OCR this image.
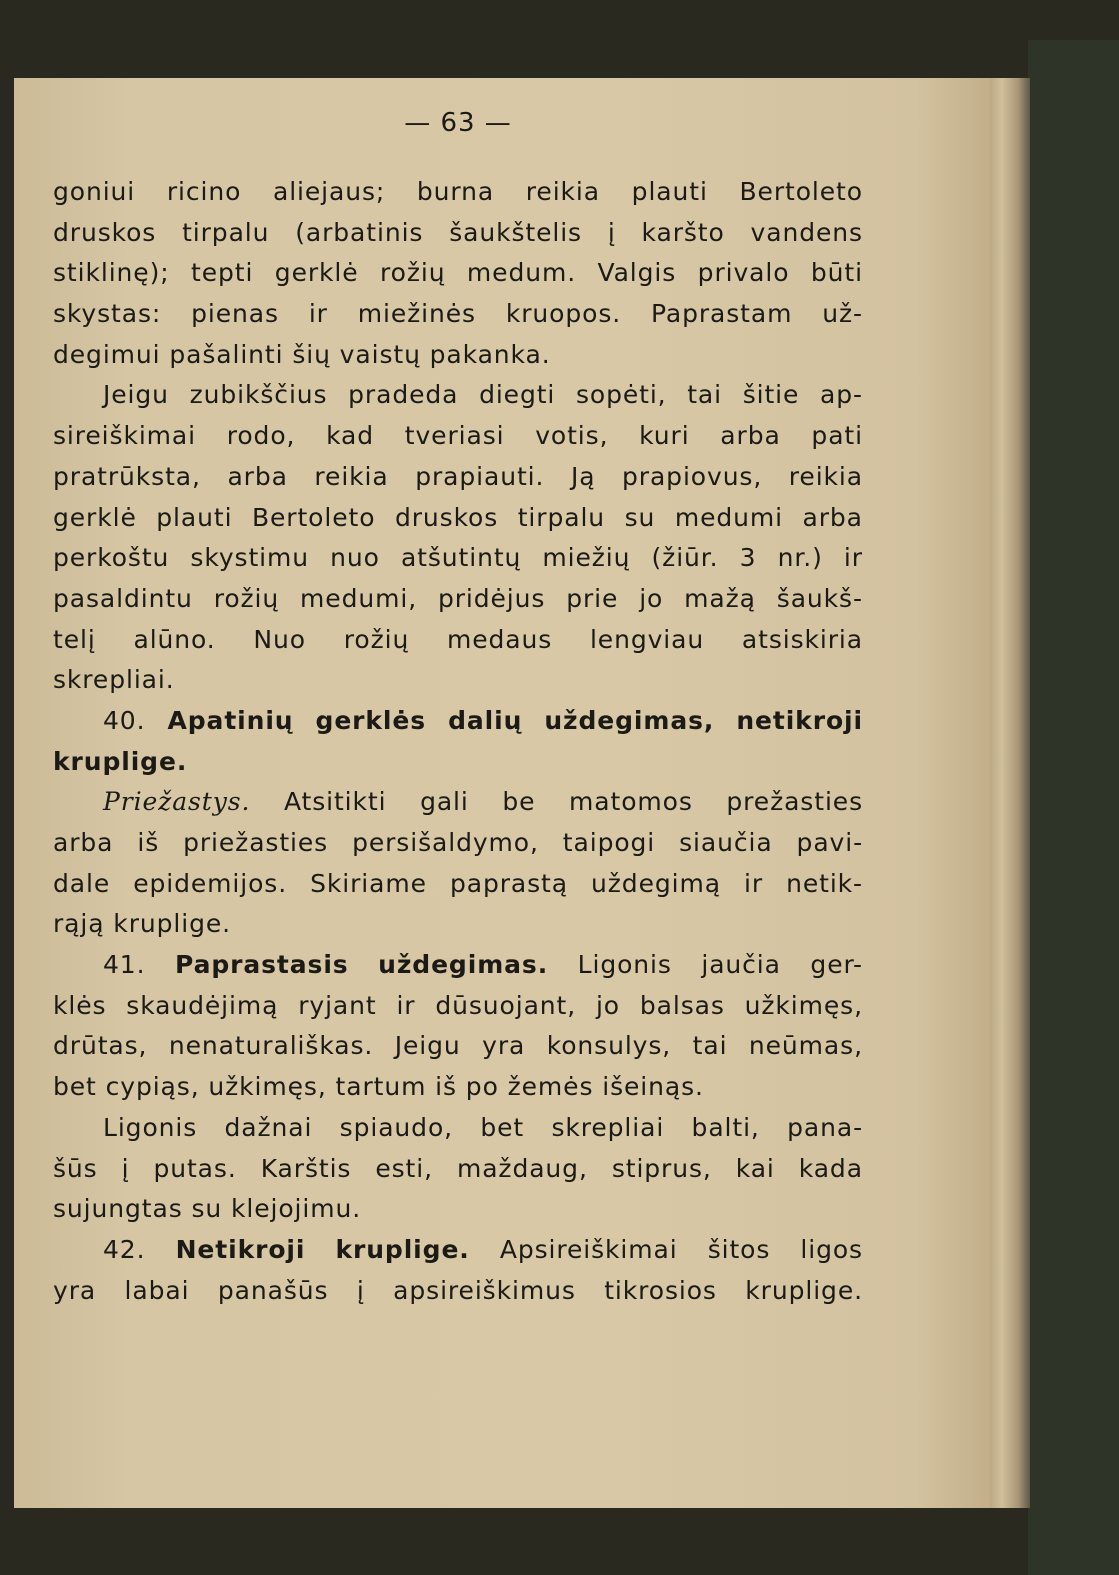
— 63 —
goniui ricino aliejaus; burna reikia plauti Bertoleto
druskos tirpalu (arbatinis šaukštelis į karšto vandens
stiklinę); tepti gerklė rožių medum. Valgis privalo būti
skystas: pienas ir miežinės kruopos. Paprastam už-
degimui pašalinti šių vaistų pakanka.
Jeigu zubikščius pradeda diegti sopėti, tai šitie ap-
sireiškimai rodo, kad tveriasi votis, kuri arba pati
pratrūksta, arba reikia prapiauti. Ją prapiovus, reikia
gerklė plauti Bertoleto druskos tirpalu su medumi arba
perkoštu skystimu nuo atšutintų miežių (žiūr. 3 nr.) ir
pasaldintu rožių medumi, pridėjus prie jo mažą šaukš-
telį alūno. Nuo rožių medaus lengviau atsiskiria
skrepliai.
40. Apatinių gerklės dalių uždegimas, netikroji
kruplige.
Priežastys. Atsitikti gali be matomos prežasties
arba iš priežasties persišaldymo, taipogi siaučia pavi-
dale epidemijos. Skiriame paprastą uždegimą ir netik-
rąją kruplige.
41. Paprastasis uždegimas. Ligonis jaučia ger-
klės skaudėjimą ryjant ir dūsuojant, jo balsas užkimęs,
drūtas, nenaturališkas. Jeigu yra konsulys, tai neūmas,
bet cypiąs, užkimęs, tartum iš po žemės išeinąs.
Ligonis dažnai spiaudo, bet skrepliai balti, pana-
šūs į putas. Karštis esti, maždaug, stiprus, kai kada
sujungtas su klejojimu.
42. Netikroji kruplige. Apsireiškimai šitos ligos
yra labai panašūs į apsireiškimus tikrosios kruplige.
